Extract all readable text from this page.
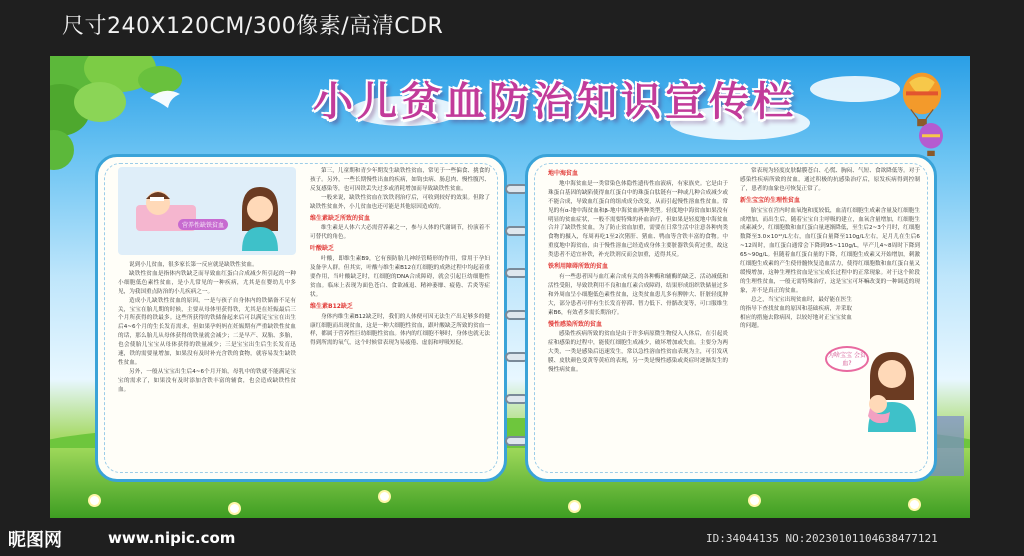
尺寸240X120CM/300像素/高清CDR
小儿贫血防治知识宣传栏
营养性缺铁贫血

说到小儿贫血，很多家长第一反应就是缺铁性贫血。

缺铁性贫血是指体内铁缺乏而导致血红蛋白合成减少所引起的一种小细胞低色素性贫血，是小儿常见的一种疾病，尤其是在婴幼儿中多见，为我国重点防治的小儿疾病之一。

造成小儿缺铁性贫血的原因，一是与孩子自身体内的铁储备不足有关，宝宝在胎儿期的时候，主要从母体里获得铁，尤其是在妊娠最后三个月所获得的铁最多。这些所获得的铁储备起来后可以满足宝宝在出生后4~6个月的生长发育需求，但如果孕妈妈在妊娠期有严重缺铁性贫血的话，那么胎儿从母体获得的铁量就会减少；二是早产、双胎、多胎，也会使胎儿宝宝从母体获得的铁量减少；三是宝宝出生后生长发育迅速，铁的需要量增加，如果没有及时补充含铁的食物，就容易发生缺铁性贫血。

另外，一般从宝宝出生后4~6个月开始，母乳中的铁就不能满足宝宝的需求了，如果没有及时添加含铁丰富的辅食，也会造成缺铁性贫血。

第三，儿童期和青少年期发生缺铁性贫血，常见于一些偏食、挑食的孩子。另外，一些长期慢性出血的疾病，如钩虫病、肠息肉、慢性腹泻、反复感染等，也可因铁丢失过多或消耗增加而导致缺铁性贫血。

一般来说，缺铁性贫血在饮铁剂治疗后，可收到较好的效果。但除了缺铁性贫血外，小儿贫血也还可能是其他原因造成的。

维生素缺乏所致的贫血

维生素是人体六大必需营养素之一，参与人体的代谢调节，扮演着不可替代的角色。

叶酸缺乏

叶酸，即维生素B9，它有预防胎儿神经管畸形的作用，常用于孕妇及备孕人群。但其实，叶酸与维生素B12在红细胞的成熟过程中均起着重要作用，当叶酸缺乏时，红细胞的DNA合成障碍，就会引起巨幼细胞性贫血。临床上表现为面色苍白、食欲减退、精神萎靡、疲倦、舌炎等症状。

维生素B12缺乏

身体内维生素B12缺乏时，我们的人体便可因无法生产出足够多的健康红细胞而出现贫血，这是一种大细胞性贫血，跟叶酸缺乏所致的贫血一样，都属于营养性巨幼细胞性贫血。体内的红细胞不够时，身体也就无法得到所需的氧气，这个时候常表现为易疲倦、虚弱和呼吸短促。

地中海贫血

地中海贫血是一类常染色体隐性遗传性血液病，有家族史。它是由于珠蛋白基因的缺陷使得血红蛋白中的珠蛋白肽链有一种或几种合成减少或不能合成，导致血红蛋白的组成成分改变，从而引起慢性溶血性贫血。常见的有α-地中海贫血和β-地中海贫血两种类型。轻度地中海贫血如果没有明显的贫血症状，一般不需要特殊的补血治疗，但如果是轻度地中海贫血合并了缺铁性贫血，为了防止贫血加重，需要在日常生活中注意各种肉类食物的摄入，每周再吃1至2次猪肝、猪血、鸭血等含铁丰富的食物。中重度地中海贫血，由于慢性溶血已经造成身体主要脏器铁负荷过重，故这类患者不适宜补铁，补充铁剂反而会加重，适得其反。

铁利用障碍所致的贫血

有一些患者因与血红素合成有关的各种酶和辅酶的缺乏、活动减低和活性受阻，导致铁利用不良和血红素合成障碍，结果形成组织铁储量过多和外周血呈小细胞低色素性贫血，这类贫血患儿多有脾肿大、肝脏轻度肿大，部分患者可伴有生长发育停滞、智力低下、骨骼改变等，可口服维生素B6，有效者多需长期治疗。

慢性感染所致的贫血

感染性疾病所致的贫血是由于许多病原微生物侵入人体后，在引起炎症和感染的过程中，能使红细胞生成减少，破坏增加或失血。主要分为两大类，一类是感染后迅速发生，常以急性溶血性贫血表现为主，可引发巩膜、皮肤颜色变黄等黄疸的表现，另一类是慢性感染或炎症时逐渐发生的慢性病贫血。

常表现为轻度皮肤黏膜苍白、心慌、胸闷、气短、食欲降低等。对于感染性疾病所致的贫血，通过积极的抗感染治疗后，原发疾病得到控制了，患者的血象也可恢复正常了。

新生宝宝的生理性贫血

胎宝宝在宫内时血氧饱和度较低，血清红细胞生成素含量及红细胞生成增加，而出生后，随着宝宝自主呼吸的建立，血氧含量增加，红细胞生成素减少，红细胞数和血红蛋白量逐渐降低，至生后2~3个月时，红细胞数降至3.0×10¹²/L左右，血红蛋白量降至110g/L左右，足月儿在生后6~12周时，血红蛋白通常会下降到95~110g/L，早产儿4~8周时下降到65~90g/L。但随着血红蛋白量的下降，红细胞生成素又开始增加，刺激红细胞生成素的产生使骨髓恢复造血活力，使得红细胞数和血红蛋白量又缓慢增加，这种生理性贫血是宝宝成长过程中的正常现象。对于这个阶段的生理性贫血，一般无需特殊治疗，这是宝宝可坏嘛改变的一种调适的现象，并不是真正的贫血。

总之，当宝宝出现贫血时，最好能在医生的指导下查找贫血的原因和基础疾病，并采取相应的措施去除病因，以较好地对正宝宝贫血的问题。

为啥宝宝 会贫血?
昵图网	www.nipic.com	ID:34044135 NO:20230101104638477121
